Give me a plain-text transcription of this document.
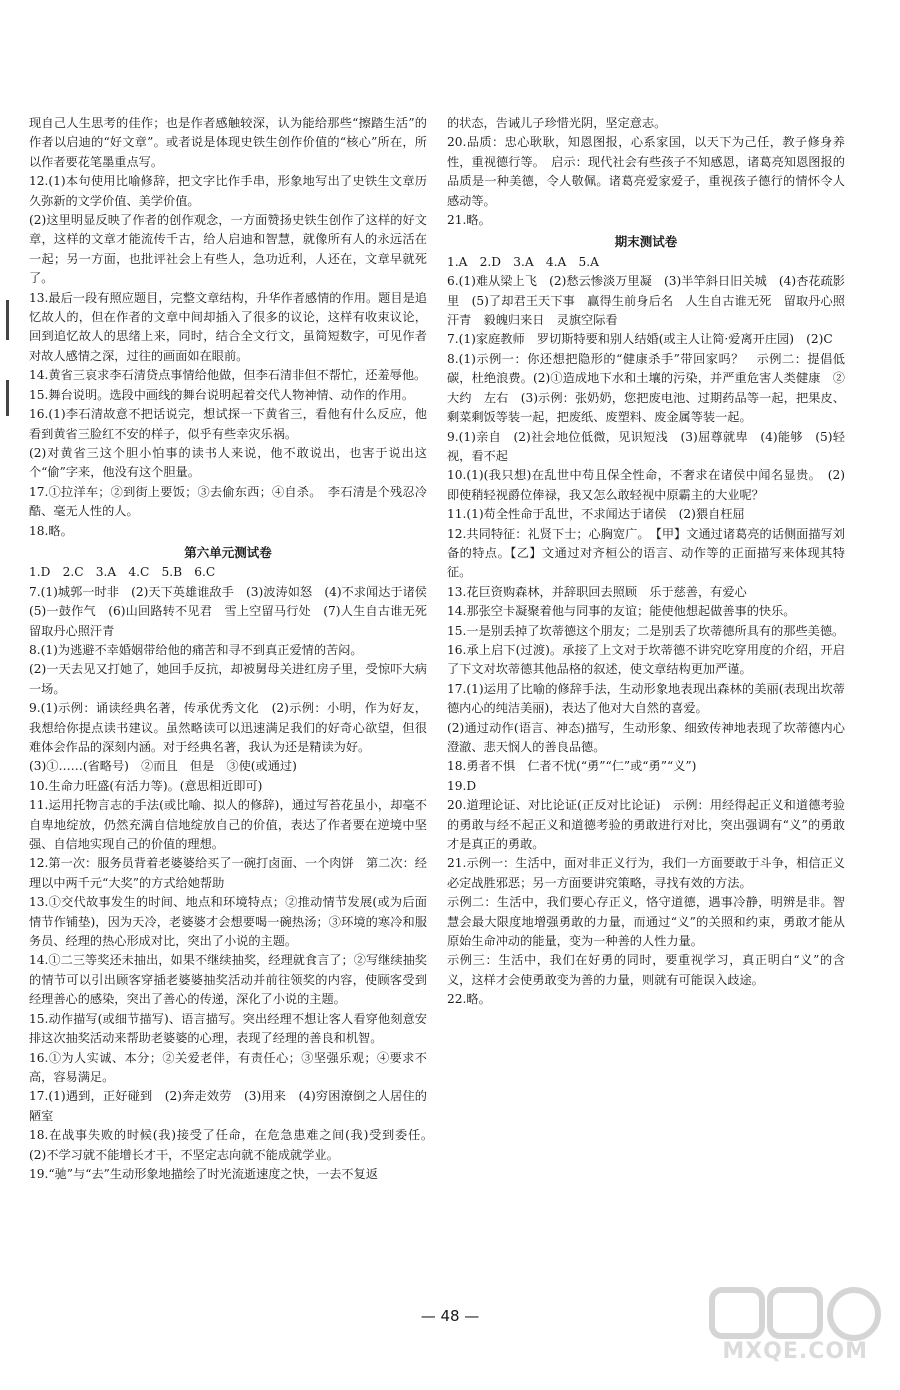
现自己人生思考的佳作；也是作者感触较深，认为能给那些“擦踏生活”的作者以启迪的“好文章”。或者说是体现史铁生创作价值的“核心”所在，所以作者要花笔墨重点写。
12.(1)本句使用比喻修辞，把文字比作手串，形象地写出了史铁生文章历久弥新的文学价值、美学价值。
(2)这里明显反映了作者的创作观念，一方面赞扬史铁生创作了这样的好文章，这样的文章才能流传千古，给人启迪和智慧，就像所有人的永远活在一起；另一方面，也批评社会上有些人，急功近利，人还在，文章早就死了。
13.最后一段有照应题目，完整文章结构，升华作者感情的作用。题目是追忆故人的，但在作者的文章中间却插入了很多的议论，这样有收束议论，回到追忆故人的思绪上来，同时，结合全文行文，虽简短数字，可见作者对故人感情之深，过往的画面如在眼前。
14.黄省三哀求李石清贷点事情给他做，但李石清非但不帮忙，还羞辱他。
15.舞台说明。选段中画线的舞台说明起着交代人物神情、动作的作用。
16.(1)李石清故意不把话说完，想试探一下黄省三，看他有什么反应，他看到黄省三脸红不安的样子，似乎有些幸灾乐祸。
(2)对黄省三这个胆小怕事的读书人来说，他不敢说出，也害于说出这个“偷”字来，他没有这个胆量。
17.①拉洋车；②到街上要饭；③去偷东西；④自杀。　李石清是个残忍冷酷、毫无人性的人。
18.略。
第六单元测试卷
1.D　2.C　3.A　4.C　5.B　6.C
7.(1)城郭一时非　(2)天下英雄谁敌手　(3)波涛如怒　(4)不求闻达于诸侯　(5)一鼓作气　(6)山回路转不见君　雪上空留马行处　(7)人生自古谁无死　留取丹心照汗青
8.(1)为逃避不幸婚姻带给他的痛苦和寻不到真正爱情的苦闷。
(2)一天去见又打她了，她回手反抗，却被舅母关进红房子里，受惊吓大病一场。
9.(1)示例：诵读经典名著，传承优秀文化　(2)示例：小明，作为好友，我想给你提点读书建议。虽然略读可以迅速满足我们的好奇心欲望，但很难体会作品的深刻内涵。对于经典名著，我认为还是精读为好。
(3)①……(省略号)　②而且　但是　③使(或通过)
10.生命力旺盛(有活力等)。(意思相近即可)
11.运用托物言志的手法(或比喻、拟人的修辞)，通过写苔花虽小，却毫不自卑地绽放，仍然充满自信地绽放自己的价值，表达了作者要在逆境中坚强、自信地实现自己的价值的理想。
12.第一次：服务员背着老婆婆给买了一碗打卤面、一个肉饼　第二次：经理以中两千元“大奖”的方式给她帮助
13.①交代故事发生的时间、地点和环境特点；②推动情节发展(或为后面情节作铺垫)，因为天冷，老婆婆才会想要喝一碗热汤；③环境的寒冷和服务员、经理的热心形成对比，突出了小说的主题。
14.①二三等奖还未抽出，如果不继续抽奖，经理就食言了；②写继续抽奖的情节可以引出顾客穿插老婆婆抽奖活动并前往领奖的内容，使顾客受到经理善心的感染，突出了善心的传递，深化了小说的主题。
15.动作描写(或细节描写)、语言描写。突出经理不想让客人看穿他刻意安排这次抽奖活动来帮助老婆婆的心理，表现了经理的善良和机智。
16.①为人实诚、本分；②关爱老伴，有责任心；③坚强乐观；④要求不高，容易满足。
17.(1)遇到，正好碰到　(2)奔走效劳　(3)用来　(4)穷困潦倒之人居住的陋室
18.在战事失败的时候(我)接受了任命，在危急患难之间(我)受到委任。　(2)不学习就不能增长才干，不坚定志向就不能成就学业。
19.“驰”与“去”生动形象地描绘了时光流逝速度之快，一去不复返
的状态，告诫儿子珍惜光阴，坚定意志。
20.品质：忠心耿耿，知恩图报，心系家国，以天下为己任，教子修身养性，重视德行等。　启示：现代社会有些孩子不知感恩，诸葛亮知恩图报的品质是一种美德，令人敬佩。诸葛亮爱家爱子，重视孩子德行的情怀令人感动等。
21.略。
期末测试卷
1.A　2.D　3.A　4.A　5.A
6.(1)难从梁上飞　(2)愁云惨淡万里凝　(3)半竿斜日旧关城　(4)杏花疏影里　(5)了却君王天下事　赢得生前身后名　人生自古谁无死　留取丹心照汗青　毅魄归来日　灵旗空际看
7.(1)家庭教师　罗切斯特要和别人结婚(或主人让简·爱离开庄园)　(2)C
8.(1)示例一：你还想把隐形的“健康杀手”带回家吗？　示例二：提倡低碳，杜绝浪费。(2)①造成地下水和土壤的污染，并严重危害人类健康　②大约　左右　(3)示例：张奶奶，您把废电池、过期药品等一起，把果皮、剩菜剩饭等装一起，把废纸、废塑料、废金属等装一起。
9.(1)亲自　(2)社会地位低微，见识短浅　(3)屈尊就卑　(4)能够　(5)轻视，看不起
10.(1)(我只想)在乱世中苟且保全性命，不奢求在诸侯中闻名显贵。　(2)即使稍轻视爵位俸禄，我又怎么敢轻视中原霸主的大业呢？
11.(1)苟全性命于乱世，不求闻达于诸侯　(2)猥自枉屈
12.共同特征：礼贤下士；心胸宽广。　【甲】文通过诸葛亮的话侧面描写刘备的特点。【乙】文通过对齐桓公的语言、动作等的正面描写来体现其特征。
13.花巨资购森林，并辞职回去照顾　乐于慈善，有爱心
14.那张空卡凝聚着他与同事的友谊；能使他想起做善事的快乐。
15.一是别丢掉了坎蒂德这个朋友；二是别丢了坎蒂德所具有的那些美德。
16.承上启下(过渡)。承接了上文对于坎蒂德不讲究吃穿用度的介绍，开启了下文对坎蒂德其他品格的叙述，使文章结构更加严谨。
17.(1)运用了比喻的修辞手法，生动形象地表现出森林的美丽(表现出坎蒂德内心的纯洁美丽)，表达了他对大自然的喜爱。
(2)通过动作(语言、神态)描写，生动形象、细致传神地表现了坎蒂德内心澄澈、悲天悯人的善良品德。
18.勇者不惧　仁者不忧(“勇”“仁”或“勇”“义”)
19.D
20.道理论证、对比论证(正反对比论证)　示例：用经得起正义和道德考验的勇敢与经不起正义和道德考验的勇敢进行对比，突出强调有“义”的勇敢才是真正的勇敢。
21.示例一：生活中，面对非正义行为，我们一方面要敢于斗争，相信正义必定战胜邪恶；另一方面要讲究策略，寻找有效的方法。
示例二：生活中，我们要心存正义，恪守道德，遇事冷静，明辨是非。智慧会最大限度地增强勇敢的力量，而通过“义”的关照和约束，勇敢才能从原始生命冲动的能量，变为一种善的人性力量。
示例三：生活中，我们在好勇的同时，要重视学习，真正明白“义”的含义，这样才会使勇敢变为善的力量，则就有可能误入歧途。
22.略。
— 48 —
MXQE.COM
